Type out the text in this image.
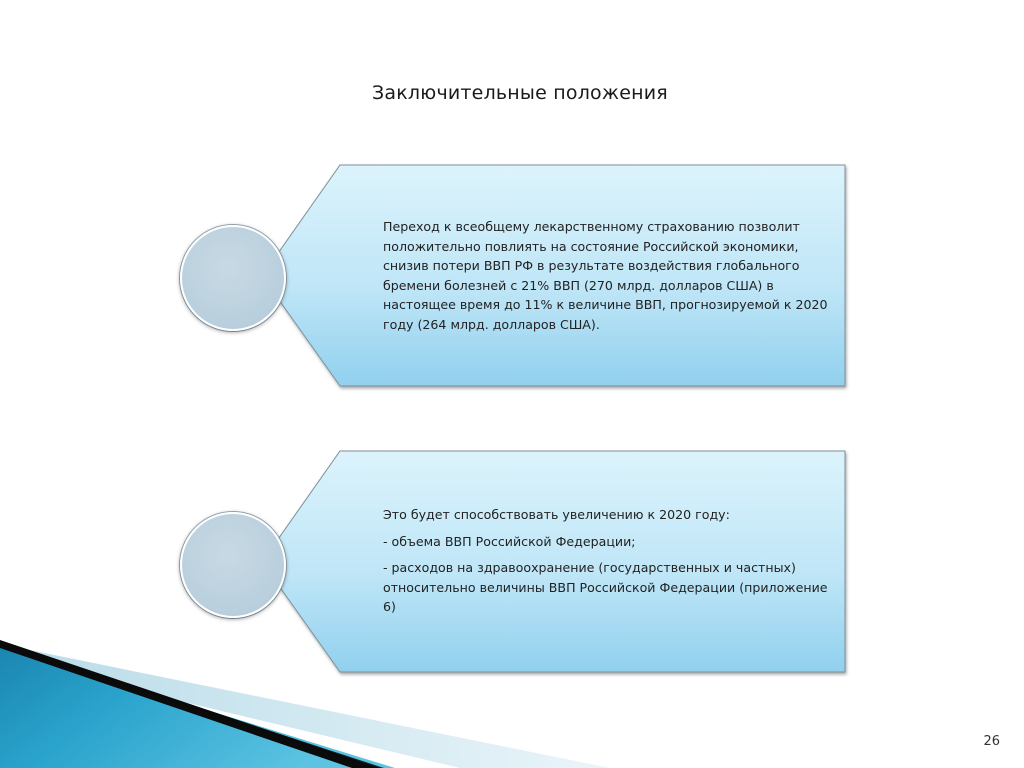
Заключительные положения

Переход к всеобщему лекарственному страхованию позволит положительно повлиять на состояние Российской экономики, снизив потери ВВП РФ в результате воздействия глобального бремени болезней с 21% ВВП (270 млрд. долларов США) в настоящее время до 11% к величине ВВП, прогнозируемой к 2020 году (264 млрд. долларов США).

Это будет способствовать увеличению к 2020 году:

- объема ВВП Российской Федерации;

- расходов на здравоохранение (государственных и частных) относительно величины ВВП Российской Федерации (приложение 6)

26
